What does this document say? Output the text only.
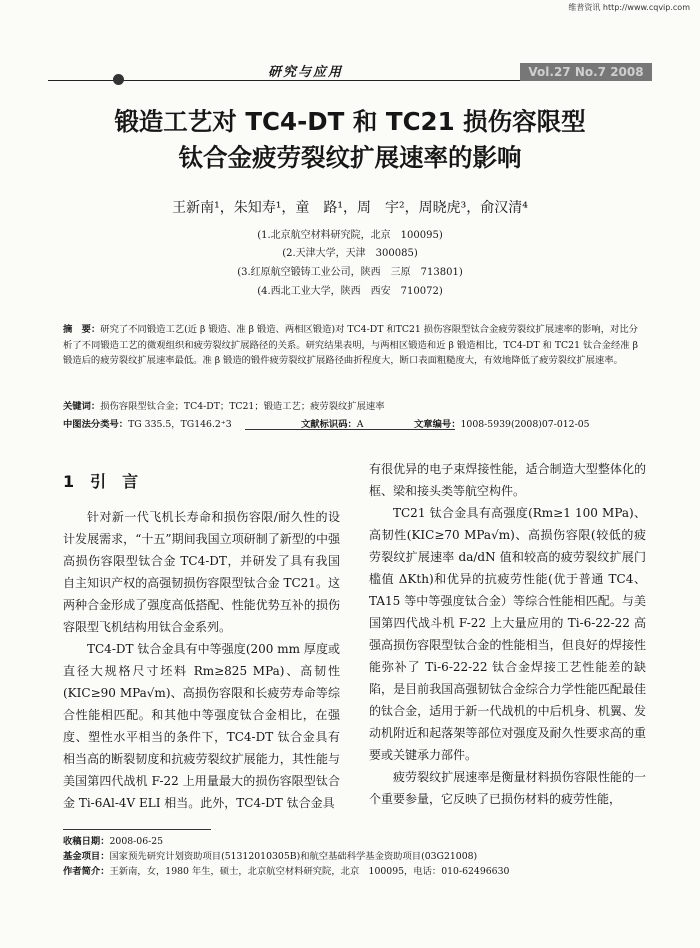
维普资讯 http://www.cqvip.com
研究与应用	Vol.27 No.7 2008
锻造工艺对 TC4-DT 和 TC21 损伤容限型
钛合金疲劳裂纹扩展速率的影响
王新南¹，朱知寿¹，童　路¹，周　宇²，周晓虎³，俞汉清⁴
(1.北京航空材料研究院，北京　100095)
(2.天津大学，天津　300085)
(3.红原航空锻铸工业公司，陕西　三原　713801)
(4.西北工业大学，陕西　西安　710072)
摘　要：研究了不同锻造工艺(近 β 锻造、准 β 锻造、两相区锻造)对 TC4-DT 和TC21 损伤容限型钛合金疲劳裂纹扩展速率的影响，对比分析了不同锻造工艺的微观组织和疲劳裂纹扩展路径的关系。研究结果表明，与两相区锻造和近 β 锻造相比，TC4-DT 和 TC21 钛合金经准 β 锻造后的疲劳裂纹扩展速率最低。准 β 锻造的锻件疲劳裂纹扩展路径曲折程度大，断口表面粗糙度大，有效地降低了疲劳裂纹扩展速率。
关键词：损伤容限型钛合金；TC4-DT；TC21；锻造工艺；疲劳裂纹扩展速率
中图法分类号：TG 335.5，TG146.2⁺3	文献标识码：A	文章编号：1008-5939(2008)07-012-05
1　 引　言

针对新一代飞机长寿命和损伤容限/耐久性的设计发展需求，“十五”期间我国立项研制了新型的中强高损伤容限型钛合金 TC4-DT，并研发了具有我国自主知识产权的高强韧损伤容限型钛合金 TC21。这两种合金形成了强度高低搭配、性能优势互补的损伤容限型飞机结构用钛合金系列。

TC4-DT 钛合金具有中等强度(200 mm 厚度或直径大规格尺寸坯料 Rm≥825 MPa)、高韧性(KIC≥90 MPa√m)、高损伤容限和长疲劳寿命等综合性能相匹配。和其他中等强度钛合金相比，在强度、塑性水平相当的条件下，TC4-DT 钛合金具有相当高的断裂韧度和抗疲劳裂纹扩展能力，其性能与美国第四代战机 F-22 上用量最大的损伤容限型钛合金 Ti-6Al-4V ELI 相当。此外，TC4-DT 钛合金具

有很优异的电子束焊接性能，适合制造大型整体化的框、梁和接头类等航空构件。

TC21 钛合金具有高强度(Rm≥1 100 MPa)、高韧性(KIC≥70 MPa√m)、高损伤容限(较低的疲劳裂纹扩展速率 da/dN 值和较高的疲劳裂纹扩展门槛值 ΔKth)和优异的抗疲劳性能(优于普通 TC4、TA15 等中等强度钛合金）等综合性能相匹配。与美国第四代战斗机 F-22 上大量应用的 Ti-6-22-22 高强高损伤容限型钛合金的性能相当，但良好的焊接性能弥补了 Ti-6-22-22 钛合金焊接工艺性能差的缺陷，是目前我国高强韧钛合金综合力学性能匹配最佳的钛合金，适用于新一代战机的中后机身、机翼、发动机附近和起落架等部位对强度及耐久性要求高的重要或关键承力部件。

疲劳裂纹扩展速率是衡量材料损伤容限性能的一个重要参量，它反映了已损伤材料的疲劳性能，

收稿日期：2008-06-25
基金项目：国家预先研究计划资助项目(51312010305B)和航空基础科学基金资助项目(03G21008)
作者简介：王新南，女，1980 年生，硕士，北京航空材料研究院，北京　100095，电话：010-62496630
